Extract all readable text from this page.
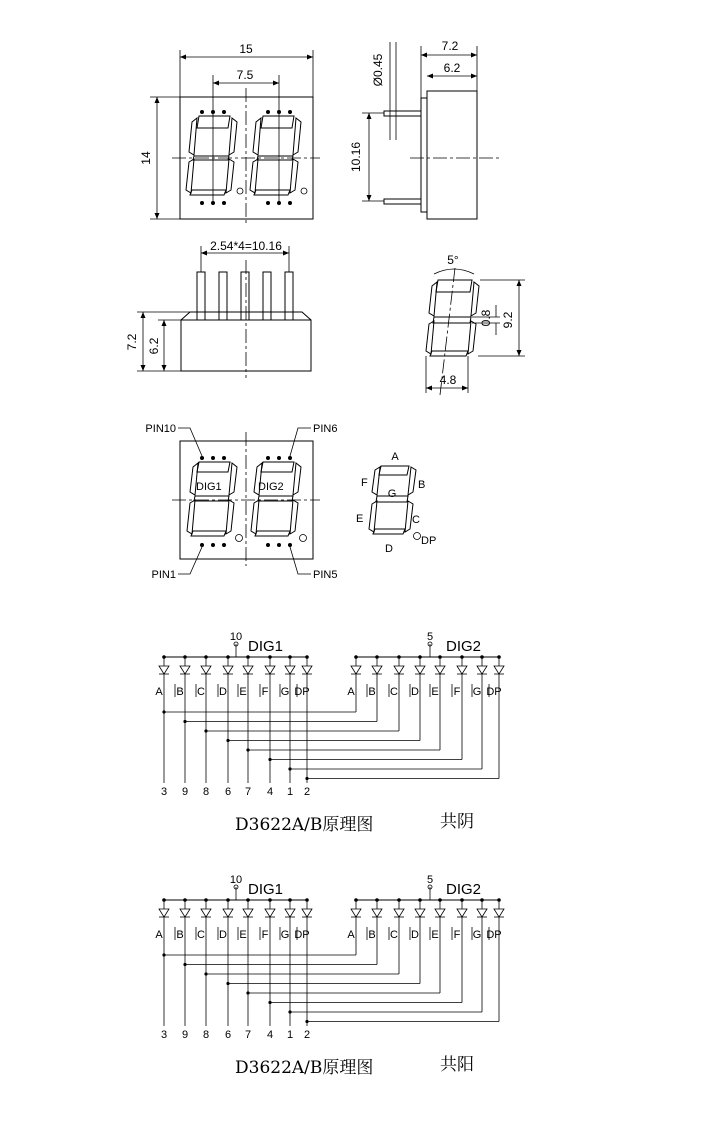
15
7.5
14
7.2
6.2
Ø0.45
10.16
2.54*4=10.16
7.2 6.2
5°
9.2
0.8
4.8
DIG1	DIG2
PIN10	PIN6
PIN1	PIN5
A
B
C
D
E
F
G
DP
10
DIG1
5
DIG2
A B C D E F G DP	A B C D E F G DP
3 9 8 6 7 4 1 2
D3622A/B原理图	共阴
10
DIG1
5
DIG2
A B C D E F G DP	A B C D E F G DP
3 9 8 6 7 4 1 2
D3622A/B原理图	共阳
